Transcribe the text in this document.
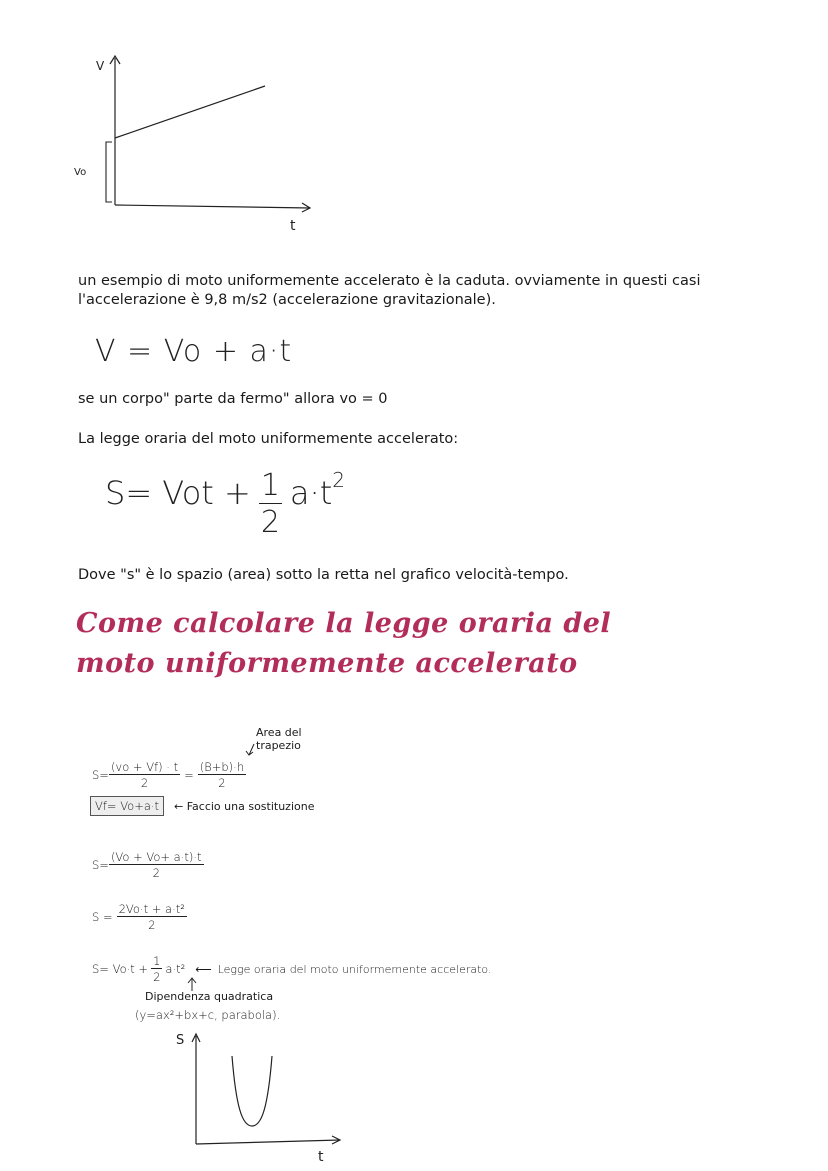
V
t
Vo
un esempio di moto uniformemente accelerato è la caduta. ovviamente in questi casi l'accelerazione è 9,8 m/s2 (accelerazione gravitazionale).
V = Vo + a·t
se un corpo" parte da fermo" allora vo = 0
La legge oraria del moto uniformemente accelerato:
S= Vot + $\frac{1}{2} a\cdot t^2$
Dove "s" è lo spazio (area) sotto la retta nel grafico velocità-tempo.
Come calcolare la legge oraria del moto uniformemente accelerato
Area del trapezio
$S= \frac{(vo + Vf) \cdot t}{2} = \frac{(B+b)\cdot h}{2}$
Vf= Vo+a·t	← Faccio una sostituzione
$S= \frac{(Vo + Vo+ a\cdot t)\cdot t}{2}$
$S = \frac{\text{2Vo·t + a·t²}}{2}$
$S= Vo\cdot t + \frac{1}{2} a\cdot t^2$ ⟵ Legge oraria del moto uniformemente accelerato.
Dipendenza quadratica
(y=ax²+bx+c, parabola).
S
t
